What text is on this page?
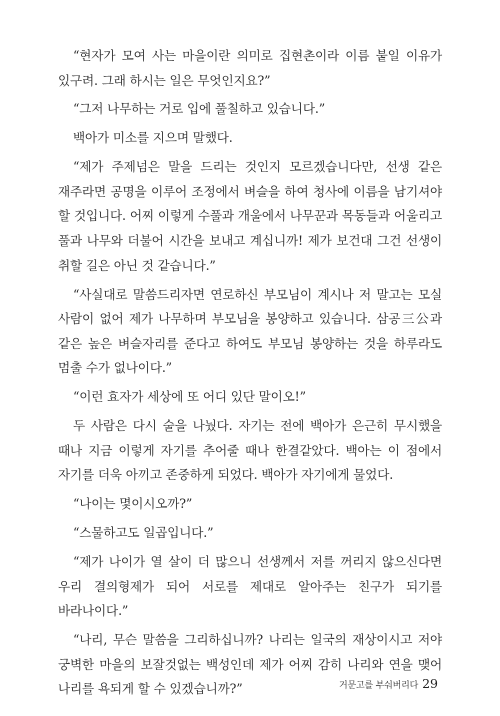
“현자가 모여 사는 마을이란 의미로 집현촌이라 이름 붙일 이유가 있구려. 그래 하시는 일은 무엇인지요?”

“그저 나무하는 거로 입에 풀칠하고 있습니다.”

백아가 미소를 지으며 말했다.

“제가 주제넘은 말을 드리는 것인지 모르겠습니다만, 선생 같은 재주라면 공명을 이루어 조정에서 벼슬을 하여 청사에 이름을 남기셔야 할 것입니다. 어찌 이렇게 수풀과 개울에서 나무꾼과 목동들과 어울리고 풀과 나무와 더불어 시간을 보내고 계십니까! 제가 보건대 그건 선생이 취할 길은 아닌 것 같습니다.”

“사실대로 말씀드리자면 연로하신 부모님이 계시나 저 말고는 모실 사람이 없어 제가 나무하며 부모님을 봉양하고 있습니다. 삼공三公과 같은 높은 벼슬자리를 준다고 하여도 부모님 봉양하는 것을 하루라도 멈출 수가 없나이다.”

“이런 효자가 세상에 또 어디 있단 말이오!”

두 사람은 다시 술을 나눴다. 자기는 전에 백아가 은근히 무시했을 때나 지금 이렇게 자기를 추어줄 때나 한결같았다. 백아는 이 점에서 자기를 더욱 아끼고 존중하게 되었다. 백아가 자기에게 물었다.

“나이는 몇이시오까?”

“스물하고도 일곱입니다.”

“제가 나이가 열 살이 더 많으니 선생께서 저를 꺼리지 않으신다면 우리 결의형제가 되어 서로를 제대로 알아주는 친구가 되기를 바라나이다.”

“나리, 무슨 말씀을 그리하십니까? 나리는 일국의 재상이시고 저야 궁벽한 마을의 보잘것없는 백성인데 제가 어찌 감히 나리와 연을 맺어 나리를 욕되게 할 수 있겠습니까?”	거문고를 부숴버리다 29
